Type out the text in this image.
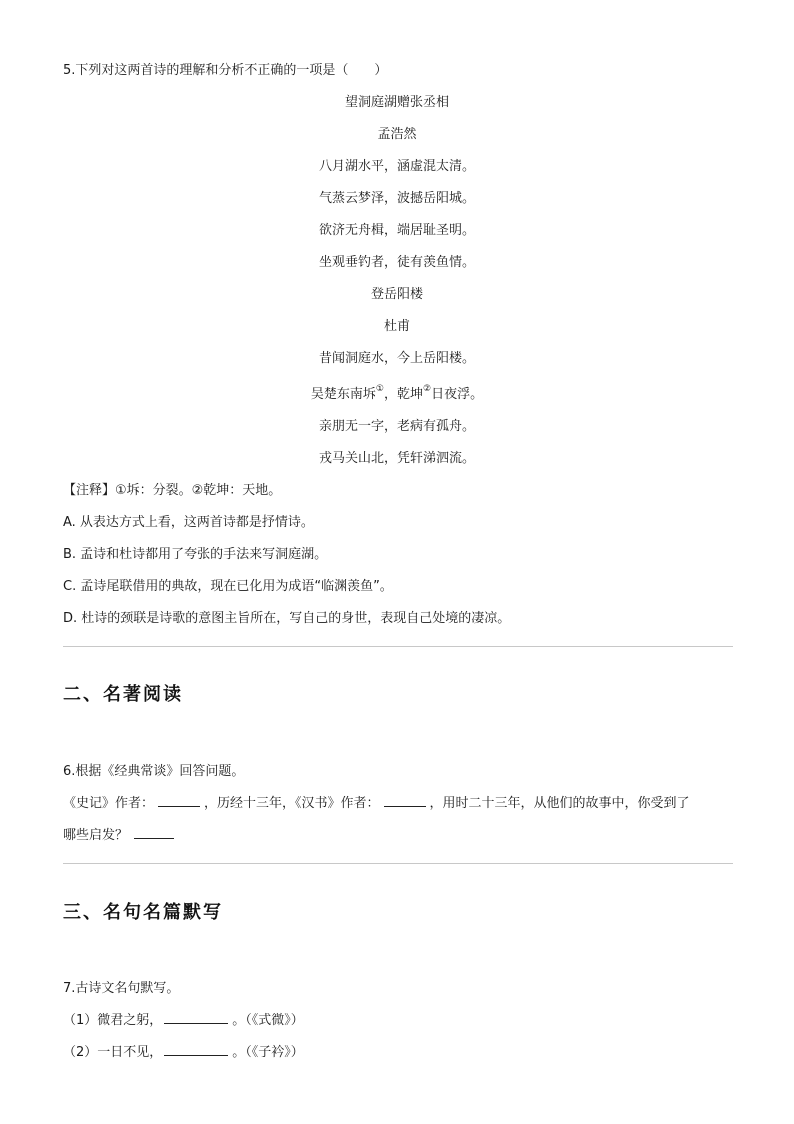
5.下列对这两首诗的理解和分析不正确的一项是（　　）
望洞庭湖赠张丞相
孟浩然
八月湖水平，涵虚混太清。
气蒸云梦泽，波撼岳阳城。
欲济无舟楫，端居耻圣明。
坐观垂钓者，徒有羡鱼情。
登岳阳楼
杜甫
昔闻洞庭水，今上岳阳楼。
吴楚东南坼①，乾坤②日夜浮。
亲朋无一字，老病有孤舟。
戎马关山北，凭轩涕泗流。
【注释】①坼：分裂。②乾坤：天地。
A. 从表达方式上看，这两首诗都是抒情诗。
B. 孟诗和杜诗都用了夸张的手法来写洞庭湖。
C. 孟诗尾联借用的典故，现在已化用为成语“临渊羡鱼”。
D. 杜诗的颈联是诗歌的意图主旨所在，写自己的身世，表现自己处境的凄凉。
二、名著阅读
6.根据《经典常谈》回答问题。
《史记》作者：	，历经十三年，《汉书》作者：	，用时二十三年，从他们的故事中，你受到了
哪些启发？
三、名句名篇默写
7.古诗文名句默写。
（1）微君之躬，	。（《式微》）
（2）一日不见，	。（《子衿》）
